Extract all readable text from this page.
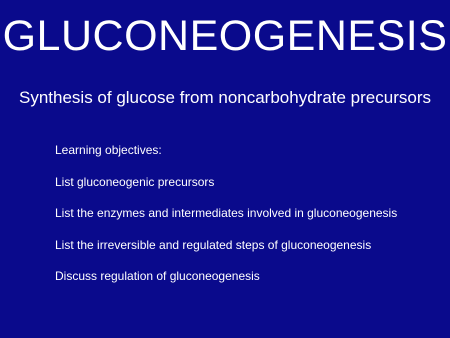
GLUCONEOGENESIS
Synthesis of glucose from noncarbohydrate precursors
Learning objectives:
List gluconeogenic precursors
List the enzymes and intermediates involved in gluconeogenesis
List the irreversible and regulated steps of gluconeogenesis
Discuss regulation of gluconeogenesis
